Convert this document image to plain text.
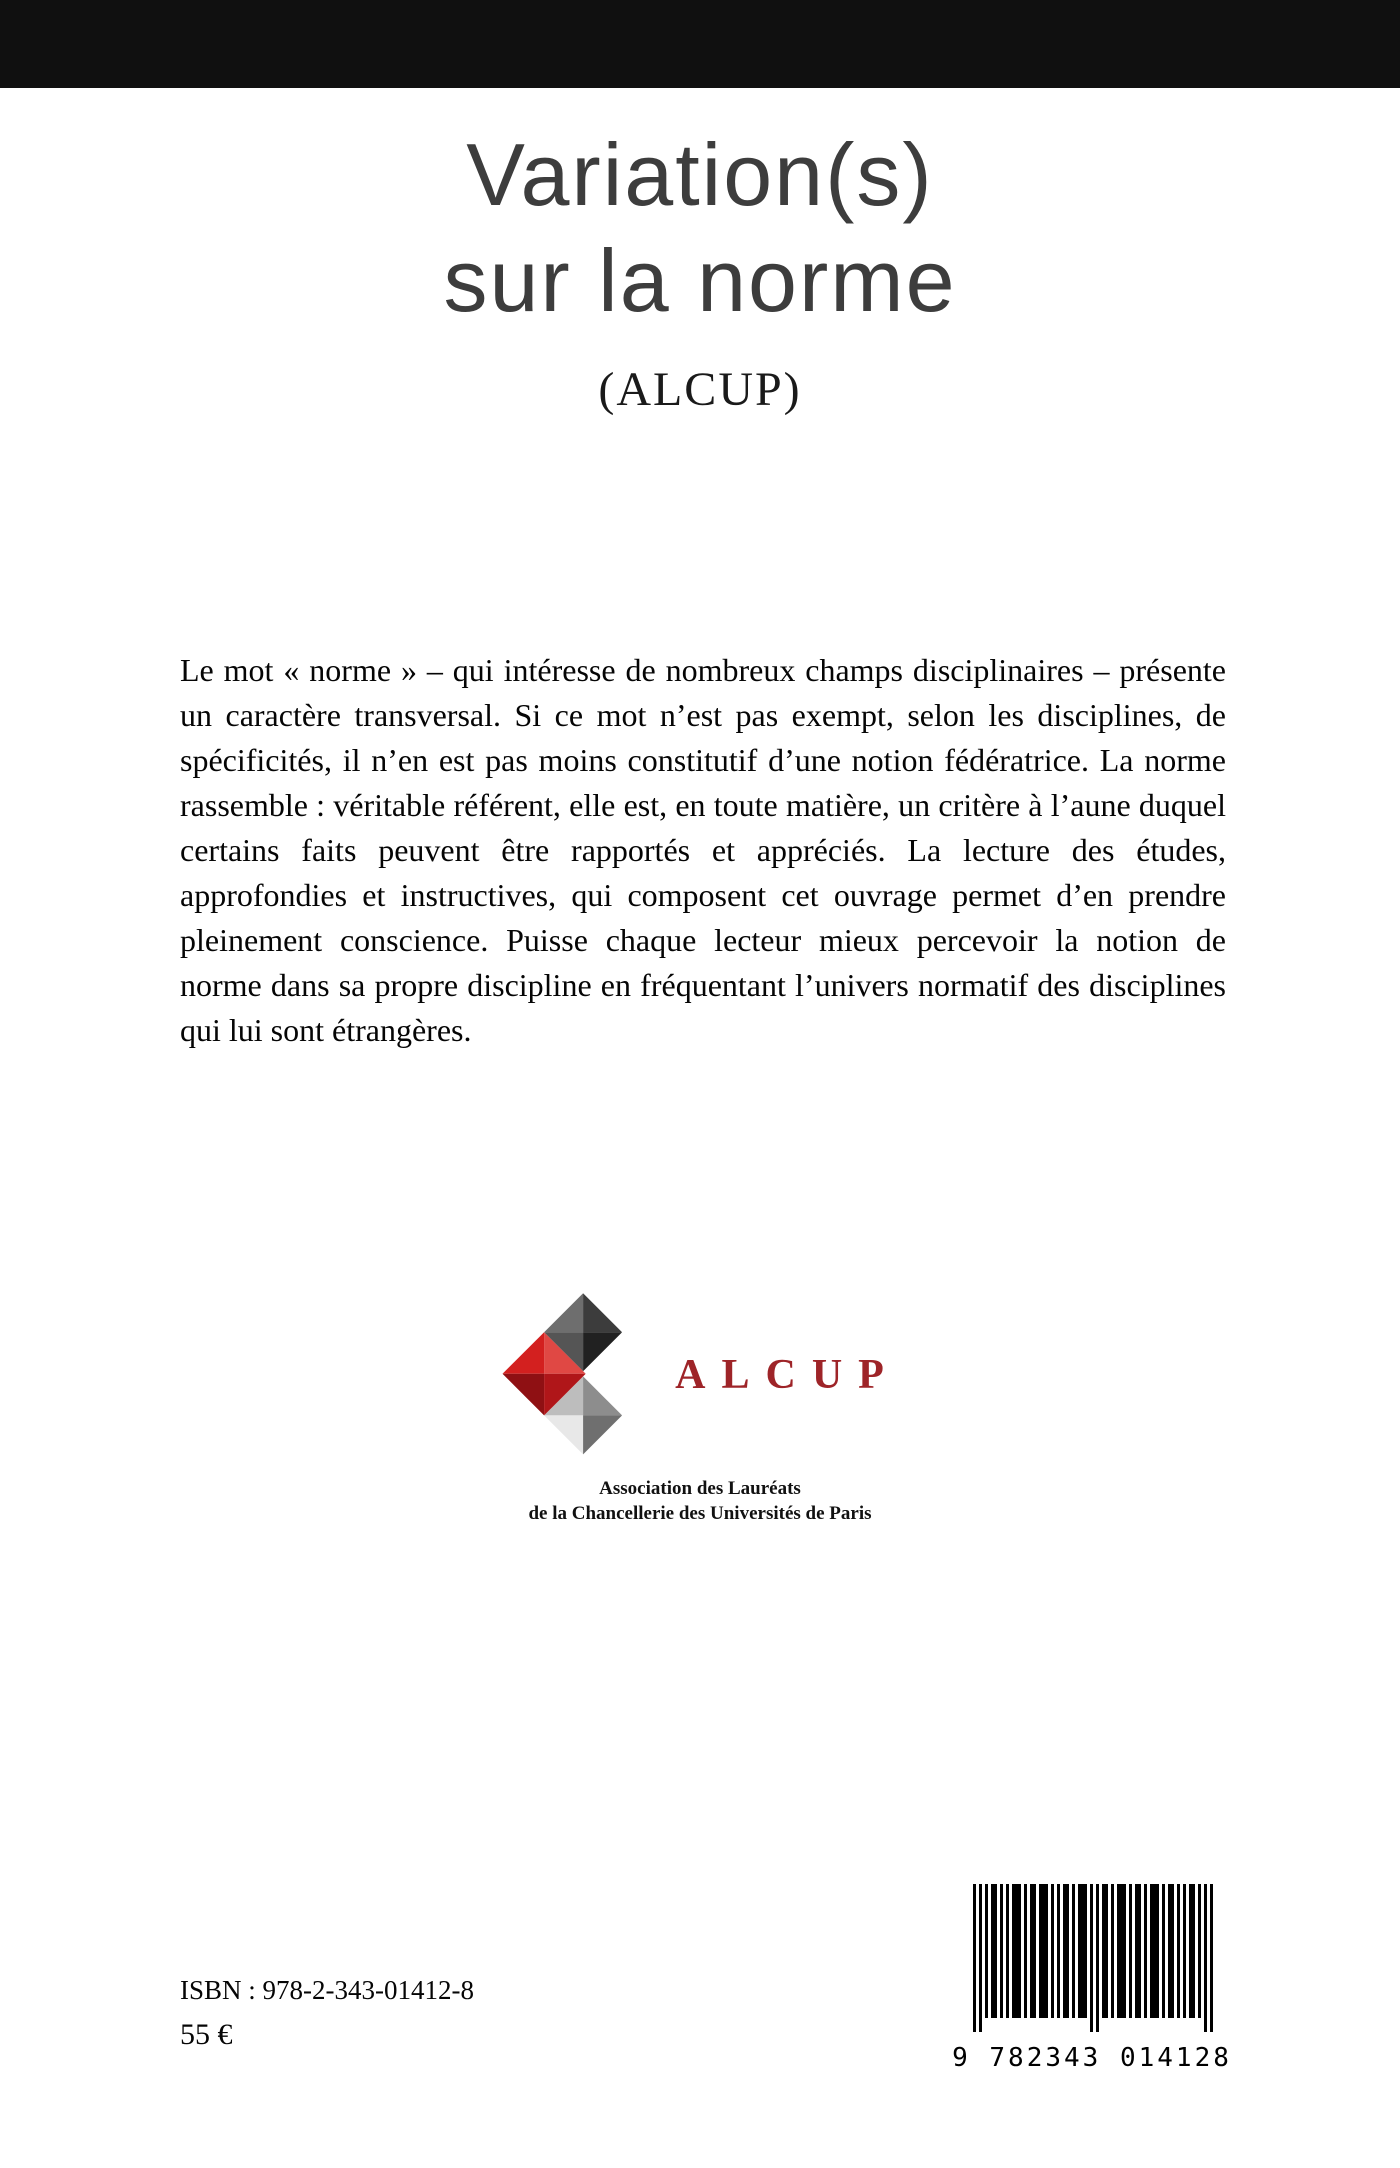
Variation(s)
sur la norme
(ALCUP)

Le mot « norme » – qui intéresse de nombreux champs disciplinaires – présente un caractère transversal. Si ce mot n’est pas exempt, selon les disciplines, de spécificités, il n’en est pas moins constitutif d’une notion fédératrice. La norme rassemble : véritable référent, elle est, en toute matière, un critère à l’aune duquel certains faits peuvent être rapportés et appréciés. La lecture des études, approfondies et instructives, qui composent cet ouvrage permet d’en prendre pleinement conscience. Puisse chaque lecteur mieux percevoir la notion de norme dans sa propre discipline en fréquentant l’univers normatif des disciplines qui lui sont étrangères.

ALCUP
Association des Lauréats
de la Chancellerie des Universités de Paris
ISBN : 978-2-343-01412-8
55 €
9 782343 014128
